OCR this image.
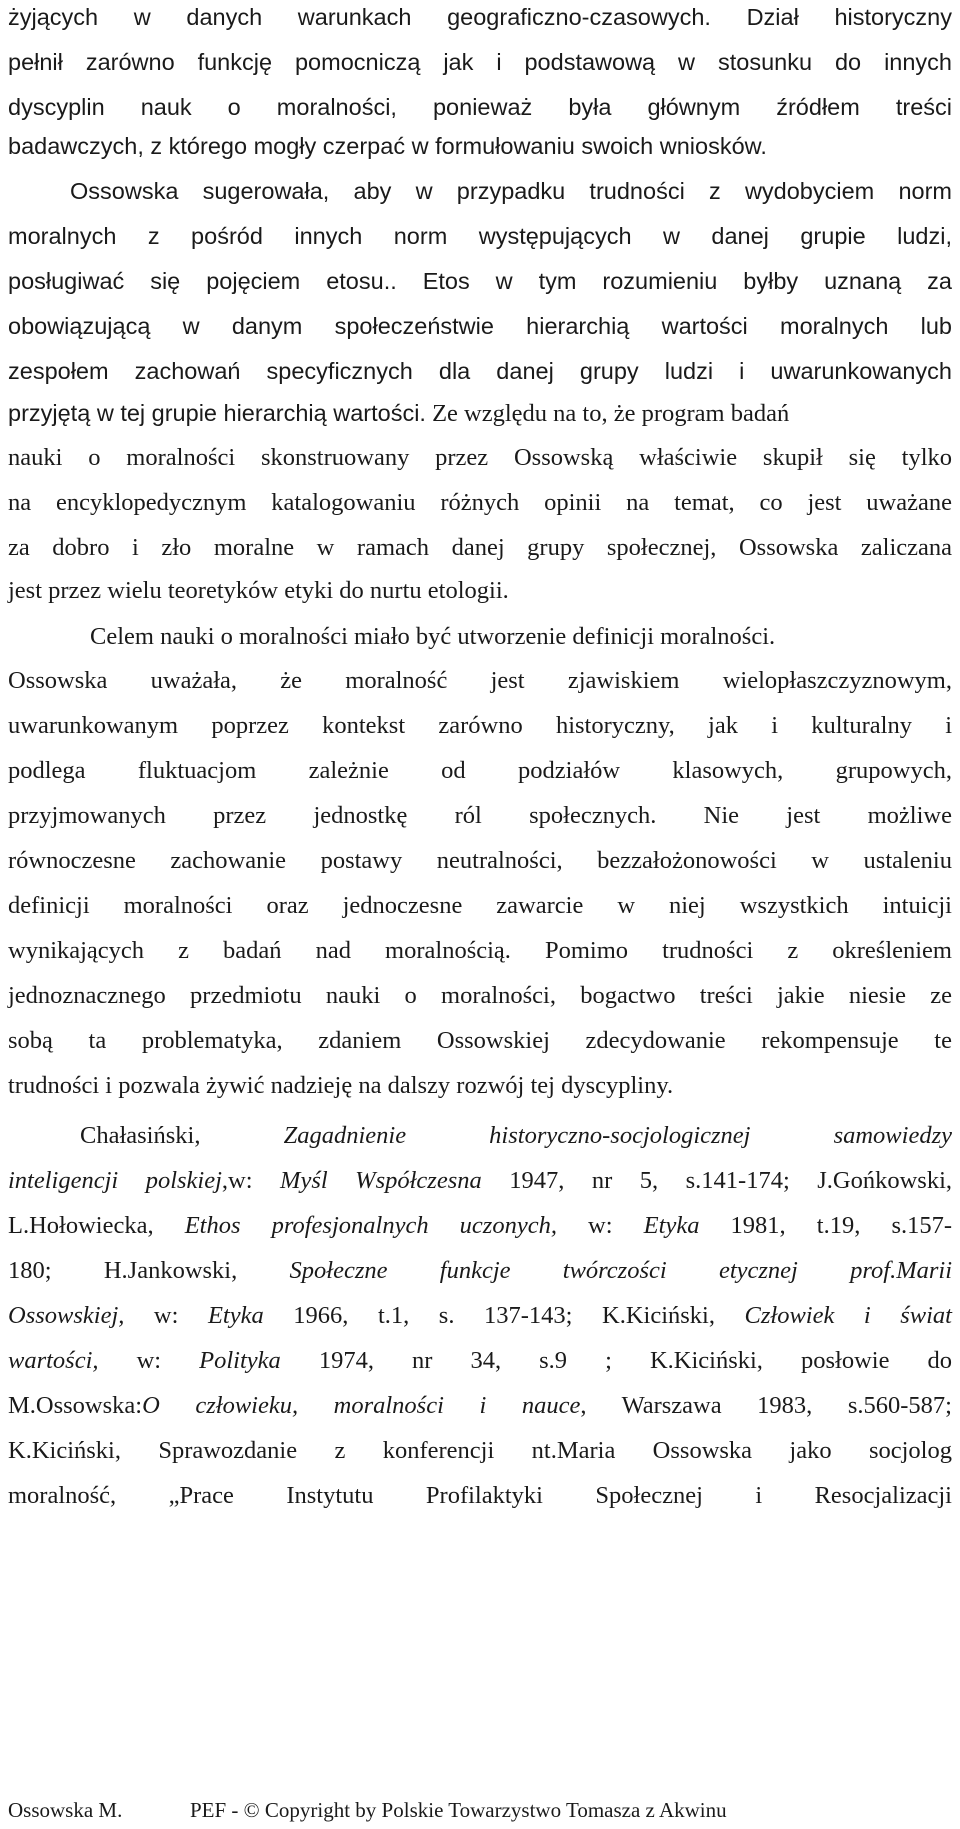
żyjących w danych warunkach geograficzno-czasowych. Dział historyczny
pełnił zarówno funkcję pomocniczą jak i podstawową w stosunku do innych
dyscyplin nauk o moralności, ponieważ była głównym źródłem treści
badawczych, z którego mogły czerpać w formułowaniu swoich wniosków.
Ossowska sugerowała, aby w przypadku trudności z wydobyciem norm
moralnych z pośród innych norm występujących w danej grupie ludzi,
posługiwać się pojęciem etosu.. Etos w tym rozumieniu byłby uznaną za
obowiązującą w danym społeczeństwie hierarchią wartości moralnych lub
zespołem zachowań specyficznych dla danej grupy ludzi i uwarunkowanych
przyjętą w tej grupie hierarchią wartości. Ze względu na to, że program badań
nauki o moralności skonstruowany przez Ossowską właściwie skupił się tylko
na encyklopedycznym katalogowaniu różnych opinii na temat, co jest uważane
za dobro i zło moralne w ramach danej grupy społecznej, Ossowska zaliczana
jest przez wielu teoretyków etyki do nurtu etologii.
Celem nauki o moralności miało być utworzenie definicji moralności.
Ossowska uważała, że moralność jest zjawiskiem wielopłaszczyznowym,
uwarunkowanym poprzez kontekst zarówno historyczny, jak i kulturalny i
podlega fluktuacjom zależnie od podziałów klasowych, grupowych,
przyjmowanych przez jednostkę ról społecznych. Nie jest możliwe
równoczesne zachowanie postawy neutralności, bezzałożonowości w ustaleniu
definicji moralności oraz jednoczesne zawarcie w niej wszystkich intuicji
wynikających z badań nad moralnością. Pomimo trudności z określeniem
jednoznacznego przedmiotu nauki o moralności, bogactwo treści jakie niesie ze
sobą ta problematyka, zdaniem Ossowskiej zdecydowanie rekompensuje te
trudności i pozwala żywić nadzieję na dalszy rozwój tej dyscypliny.
Chałasiński, Zagadnienie historyczno-socjologicznej samowiedzy
inteligencji polskiej,w: Myśl Współczesna 1947, nr 5, s.141-174; J.Gońkowski,
L.Hołowiecka, Ethos profesjonalnych uczonych, w: Etyka 1981, t.19, s.157-
180; H.Jankowski, Społeczne funkcje twórczości etycznej prof.Marii
Ossowskiej, w: Etyka 1966, t.1, s. 137-143; K.Kiciński, Człowiek i świat
wartości, w: Polityka 1974, nr 34, s.9 ; K.Kiciński, posłowie do
M.Ossowska:O człowieku, moralności i nauce, Warszawa 1983, s.560-587;
K.Kiciński, Sprawozdanie z konferencji nt.Maria Ossowska jako socjolog
moralność, „Prace Instytutu Profilaktyki Społecznej i Resocjalizacji
Ossowska M.	PEF - © Copyright by Polskie Towarzystwo Tomasza z Akwinu
